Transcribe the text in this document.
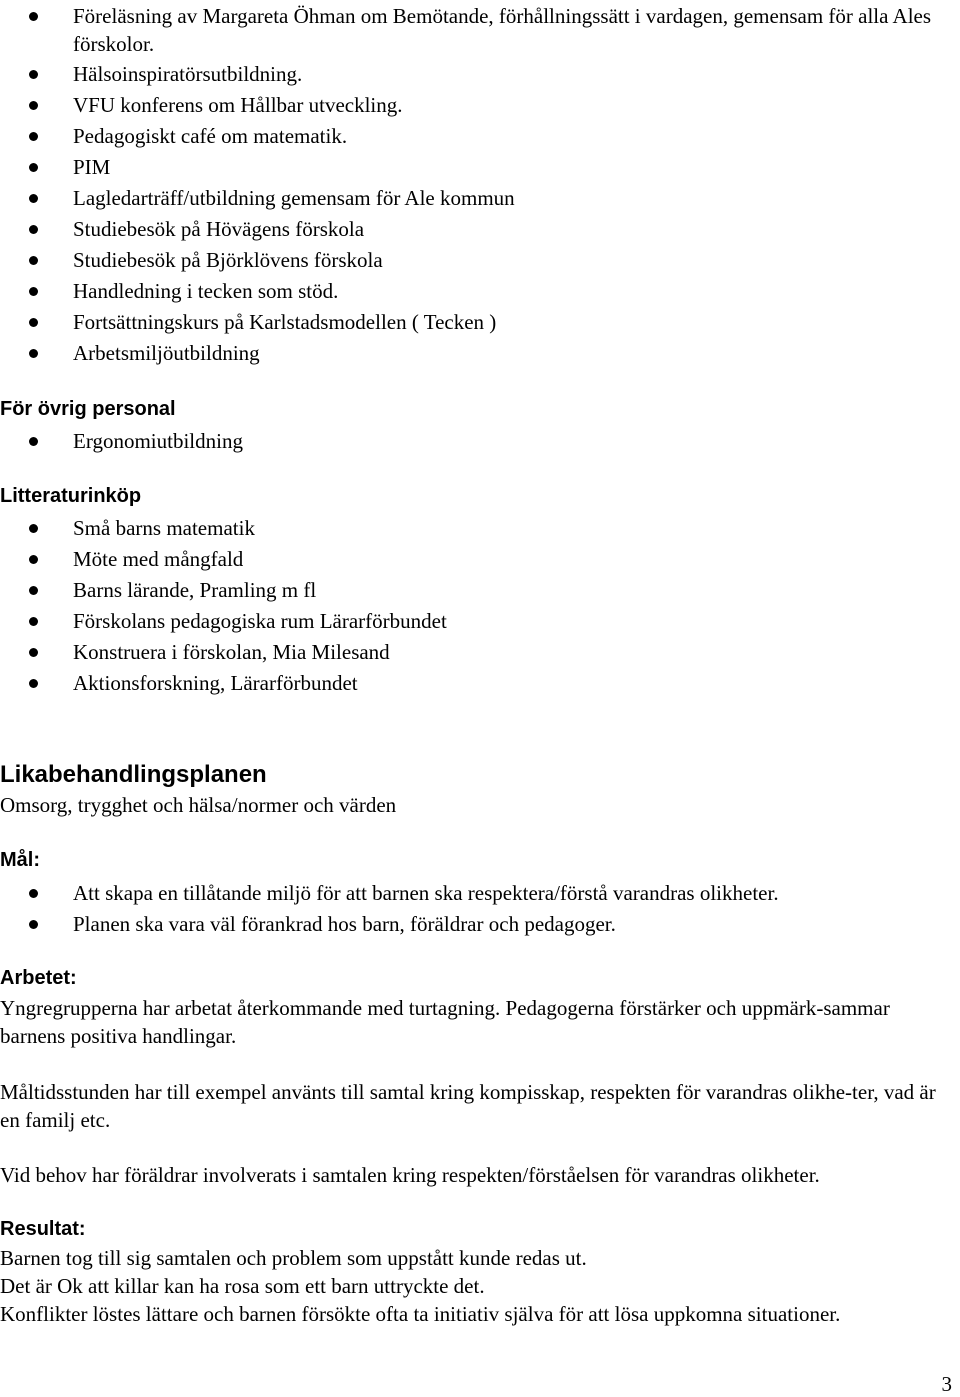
Föreläsning av Margareta Öhman om Bemötande, förhållningssätt i vardagen, gemensam för alla Ales förskolor.
Hälsoinspiratörsutbildning.
VFU konferens om Hållbar utveckling.
Pedagogiskt café om matematik.
PIM
Lagledarträff/utbildning gemensam för Ale kommun
Studiebesök på Hövägens förskola
Studiebesök på Björklövens förskola
Handledning i tecken som stöd.
Fortsättningskurs på Karlstadsmodellen ( Tecken )
Arbetsmiljöutbildning
För övrig personal
Ergonomiutbildning
Litteraturinköp
Små barns matematik
Möte med mångfald
Barns lärande, Pramling m fl
Förskolans pedagogiska rum Lärarförbundet
Konstruera i förskolan, Mia Milesand
Aktionsforskning, Lärarförbundet
Likabehandlingsplanen
Omsorg, trygghet och hälsa/normer och värden
Mål:
Att skapa en tillåtande miljö för att barnen ska respektera/förstå varandras olikheter.
Planen ska vara väl förankrad hos barn, föräldrar och pedagoger.
Arbetet:
Yngregrupperna har arbetat återkommande med turtagning. Pedagogerna förstärker och uppmärk-sammar barnens positiva handlingar.
Måltidsstunden har till exempel använts till samtal kring kompisskap, respekten för varandras olikhe-ter, vad är en familj etc.
Vid behov har föräldrar involverats i samtalen kring respekten/förståelsen för varandras olikheter.
Resultat:
Barnen tog till sig samtalen och problem som uppstått kunde redas ut.
Det är Ok att killar kan ha rosa som ett barn uttryckte det.
Konflikter löstes lättare och barnen försökte ofta ta initiativ själva för att lösa uppkomna situationer.
3
